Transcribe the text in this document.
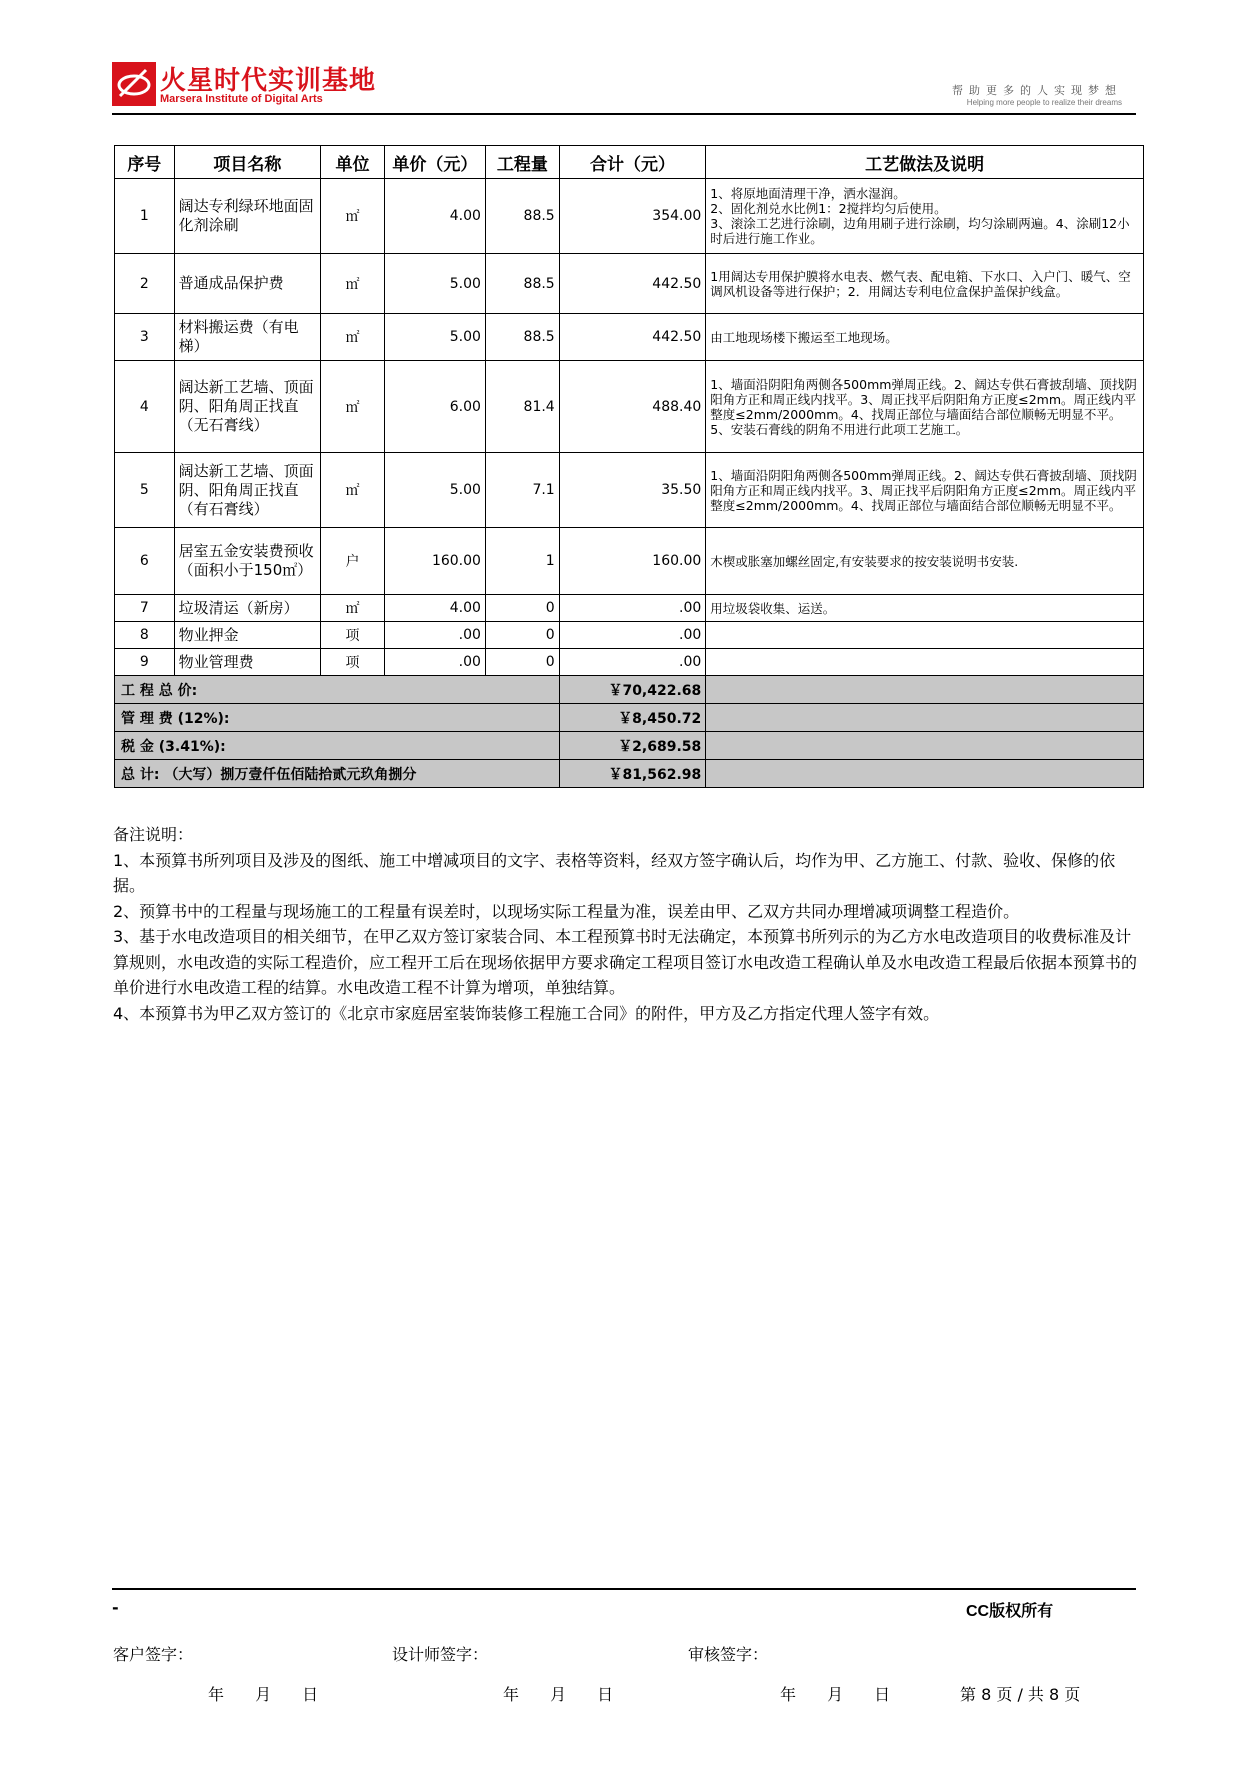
火星时代实训基地
Marsera Institute of Digital Arts
帮助更多的人实现梦想
Helping more people to realize their dreams
序号	项目名称	单位	单价（元）	工程量	合计（元）	工艺做法及说明
1	阔达专利绿环地面固化剂涂刷	㎡	4.00	88.5	354.00	1、将原地面清理干净，洒水湿润。
2、固化剂兑水比例1：2搅拌均匀后使用。
3、滚涂工艺进行涂刷，边角用刷子进行涂刷，均匀涂刷两遍。4、涂刷12小时后进行施工作业。
2	普通成品保护费	㎡	5.00	88.5	442.50	1用阔达专用保护膜将水电表、燃气表、配电箱、下水口、入户门、暖气、空调风机设备等进行保护；2．用阔达专利电位盒保护盖保护线盒。
3	材料搬运费（有电梯）	㎡	5.00	88.5	442.50	由工地现场楼下搬运至工地现场。
4	阔达新工艺墙、顶面阴、阳角周正找直（无石膏线）	㎡	6.00	81.4	488.40	1、墙面沿阴阳角两侧各500mm弹周正线。2、阔达专供石膏披刮墙、顶找阴阳角方正和周正线内找平。3、周正找平后阴阳角方正度≤2mm。周正线内平整度≤2mm/2000mm。4、找周正部位与墙面结合部位顺畅无明显不平。5、安装石膏线的阴角不用进行此项工艺施工。
5	阔达新工艺墙、顶面阴、阳角周正找直（有石膏线）	㎡	5.00	7.1	35.50	1、墙面沿阴阳角两侧各500mm弹周正线。2、阔达专供石膏披刮墙、顶找阴阳角方正和周正线内找平。3、周正找平后阴阳角方正度≤2mm。周正线内平整度≤2mm/2000mm。4、找周正部位与墙面结合部位顺畅无明显不平。
6	居室五金安装费预收（面积小于150㎡）	户	160.00	1	160.00	木楔或胀塞加螺丝固定,有安装要求的按安装说明书安装.
7	垃圾清运（新房）	㎡	4.00	0	.00	用垃圾袋收集、运送。
8	物业押金	项	.00	0	.00	
9	物业管理费	项	.00	0	.00	
工 程 总 价:					￥70,422.68	
管 理 费 (12%):					￥8,450.72	
税 金 (3.41%):					￥2,689.58	
总 计: （大写）捌万壹仟伍佰陆拾贰元玖角捌分					￥81,562.98	

备注说明：

1、本预算书所列项目及涉及的图纸、施工中增减项目的文字、表格等资料，经双方签字确认后，均作为甲、乙方施工、付款、验收、保修的依据。

2、预算书中的工程量与现场施工的工程量有误差时，以现场实际工程量为准，误差由甲、乙双方共同办理增减项调整工程造价。

3、基于水电改造项目的相关细节，在甲乙双方签订家装合同、本工程预算书时无法确定，本预算书所列示的为乙方水电改造项目的收费标准及计算规则，水电改造的实际工程造价，应工程开工后在现场依据甲方要求确定工程项目签订水电改造工程确认单及水电改造工程最后依据本预算书的单价进行水电改造工程的结算。水电改造工程不计算为增项，单独结算。

4、本预算书为甲乙双方签订的《北京市家庭居室装饰装修工程施工合同》的附件，甲方及乙方指定代理人签字有效。

-	CC版权所有
客户签字：	设计师签字：	审核签字：
年 月 日	年 月 日	年 月 日	第 8 页 / 共 8 页
